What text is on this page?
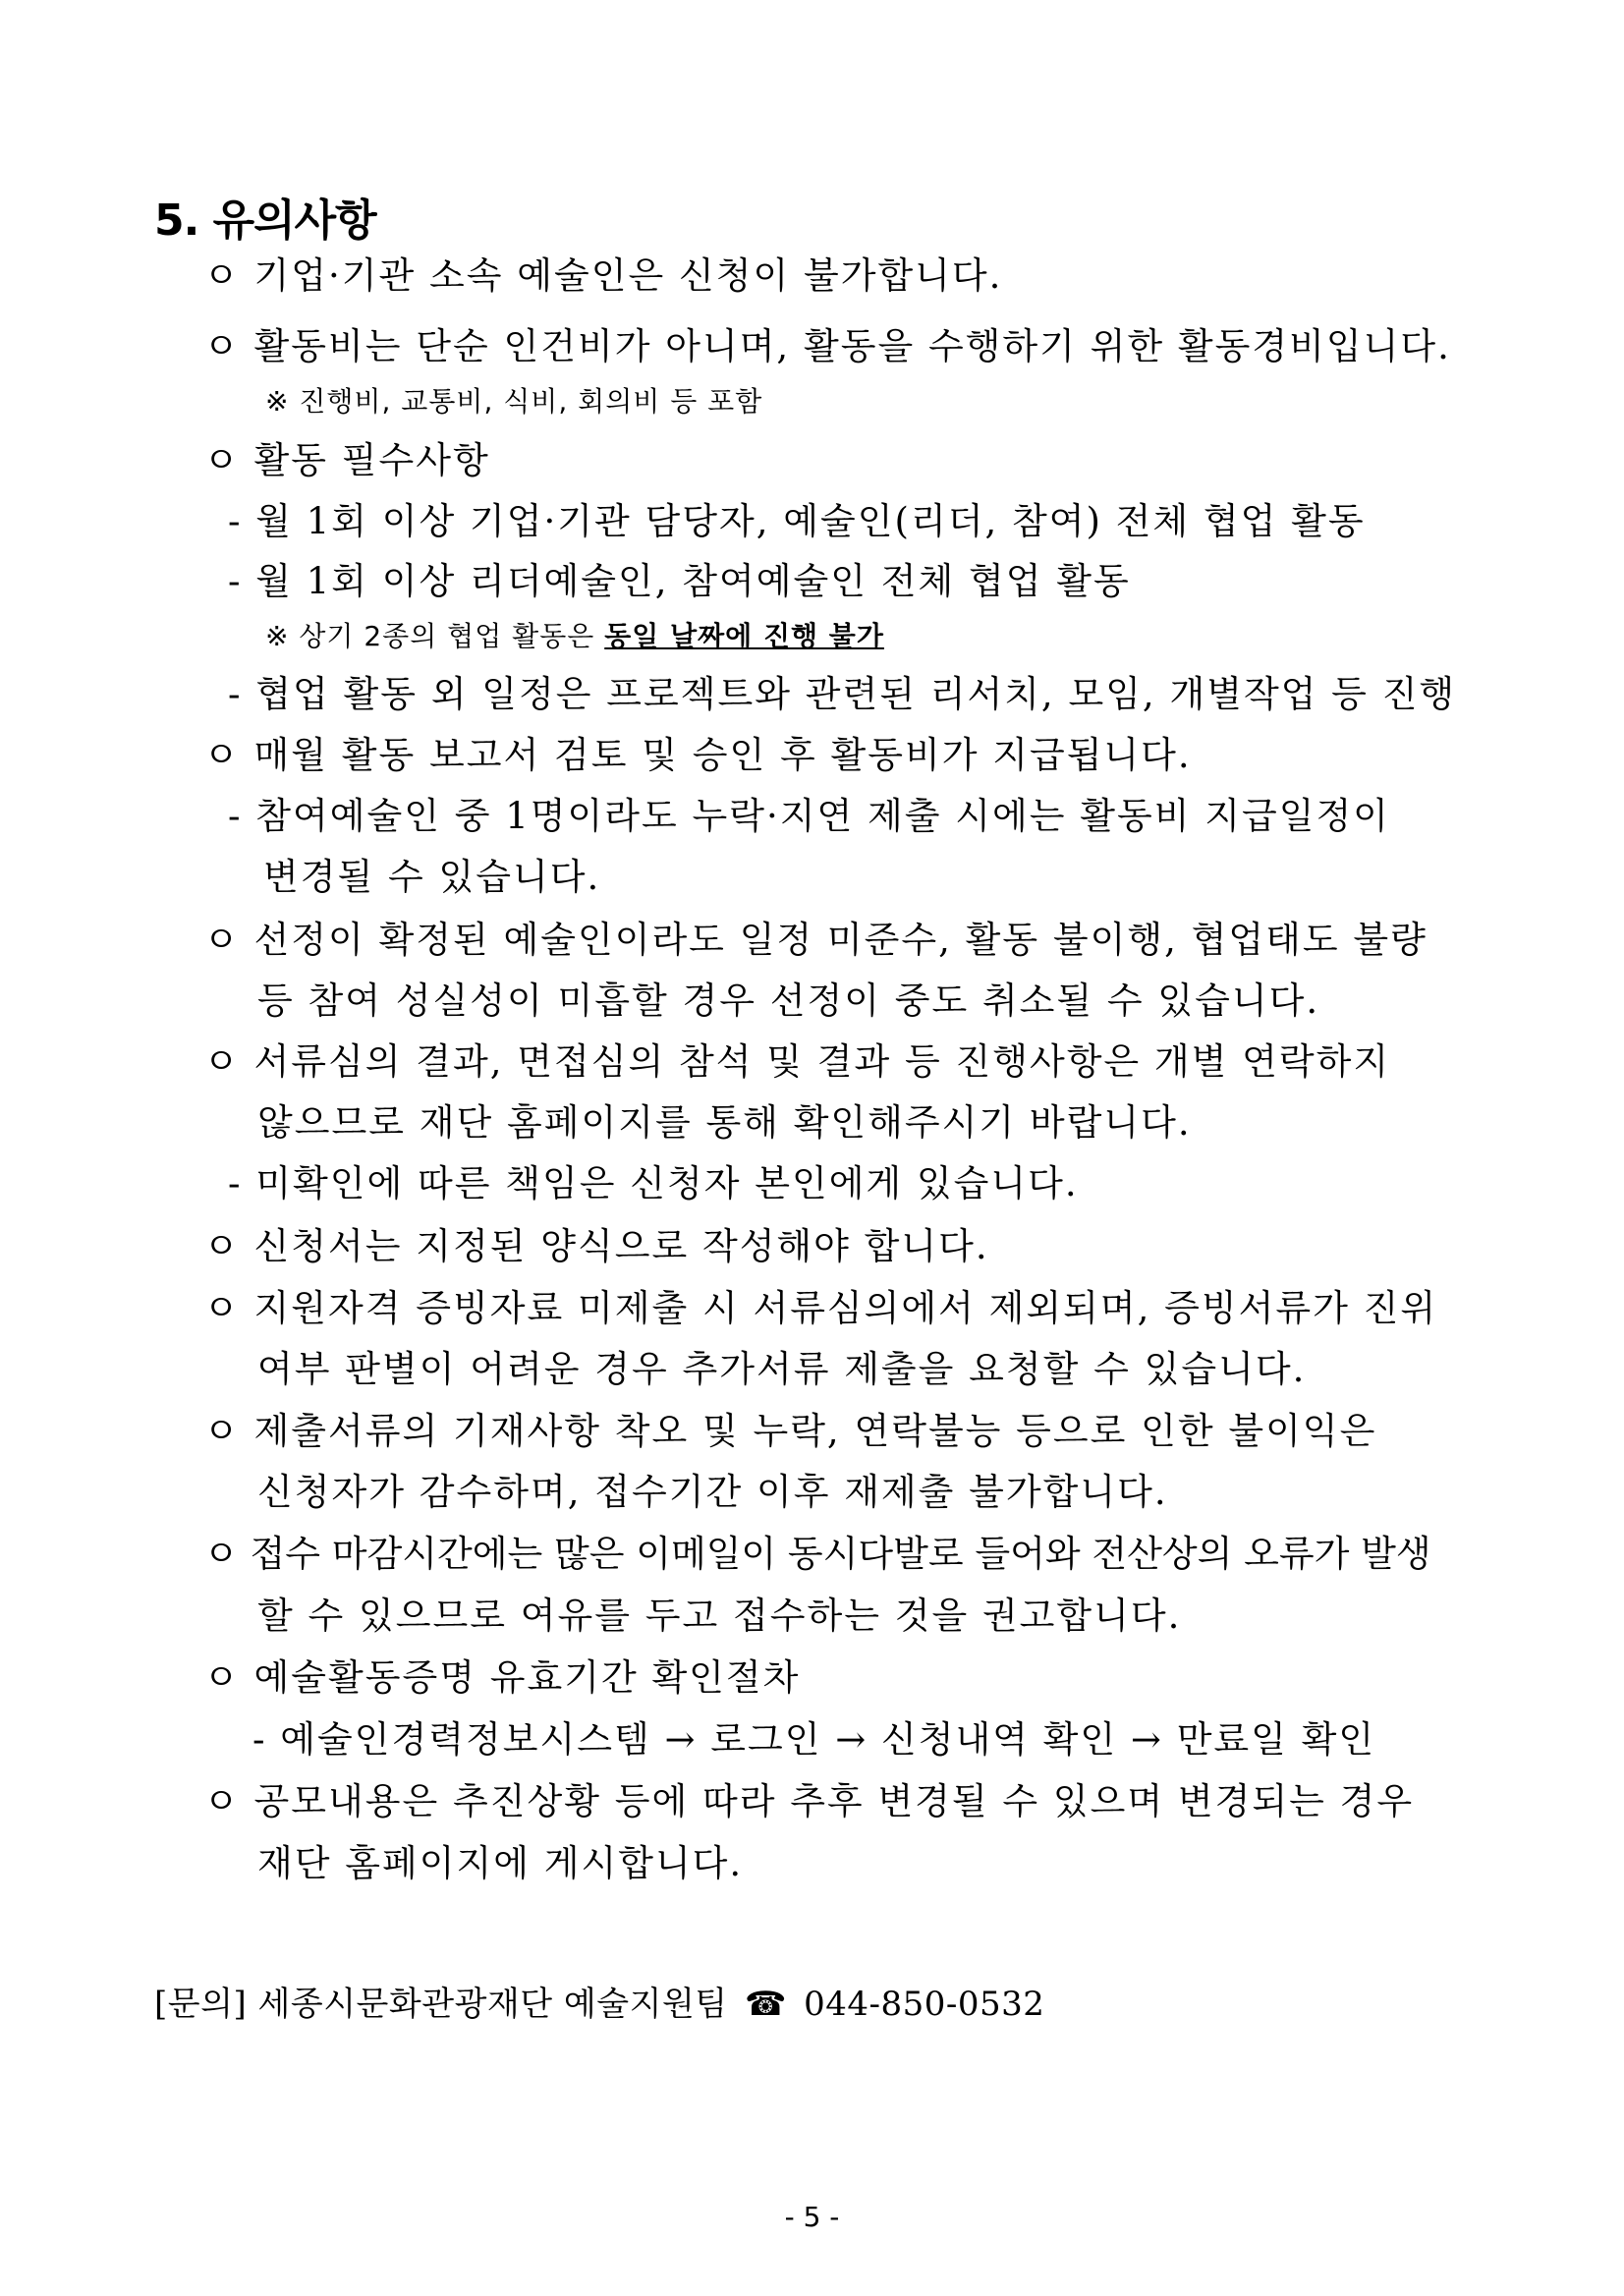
5. 유의사항
ㅇ 기업·기관 소속 예술인은 신청이 불가합니다.
ㅇ 활동비는 단순 인건비가 아니며, 활동을 수행하기 위한 활동경비입니다.
※ 진행비, 교통비, 식비, 회의비 등 포함
ㅇ 활동 필수사항
- 월 1회 이상 기업·기관 담당자, 예술인(리더, 참여) 전체 협업 활동
- 월 1회 이상 리더예술인, 참여예술인 전체 협업 활동
※ 상기 2종의 협업 활동은 동일 날짜에 진행 불가
- 협업 활동 외 일정은 프로젝트와 관련된 리서치, 모임, 개별작업 등 진행
ㅇ 매월 활동 보고서 검토 및 승인 후 활동비가 지급됩니다.
- 참여예술인 중 1명이라도 누락·지연 제출 시에는 활동비 지급일정이
변경될 수 있습니다.
ㅇ 선정이 확정된 예술인이라도 일정 미준수, 활동 불이행, 협업태도 불량
등 참여 성실성이 미흡할 경우 선정이 중도 취소될 수 있습니다.
ㅇ 서류심의 결과, 면접심의 참석 및 결과 등 진행사항은 개별 연락하지
않으므로 재단 홈페이지를 통해 확인해주시기 바랍니다.
- 미확인에 따른 책임은 신청자 본인에게 있습니다.
ㅇ 신청서는 지정된 양식으로 작성해야 합니다.
ㅇ 지원자격 증빙자료 미제출 시 서류심의에서 제외되며, 증빙서류가 진위
여부 판별이 어려운 경우 추가서류 제출을 요청할 수 있습니다.
ㅇ 제출서류의 기재사항 착오 및 누락, 연락불능 등으로 인한 불이익은
신청자가 감수하며, 접수기간 이후 재제출 불가합니다.
ㅇ 접수 마감시간에는 많은 이메일이 동시다발로 들어와 전산상의 오류가 발생
할 수 있으므로 여유를 두고 접수하는 것을 권고합니다.
ㅇ 예술활동증명 유효기간 확인절차
- 예술인경력정보시스템 → 로그인 → 신청내역 확인 → 만료일 확인
ㅇ 공모내용은 추진상황 등에 따라 추후 변경될 수 있으며 변경되는 경우
재단 홈페이지에 게시합니다.
[문의] 세종시문화관광재단 예술지원팀 ☎ 044-850-0532
- 5 -
